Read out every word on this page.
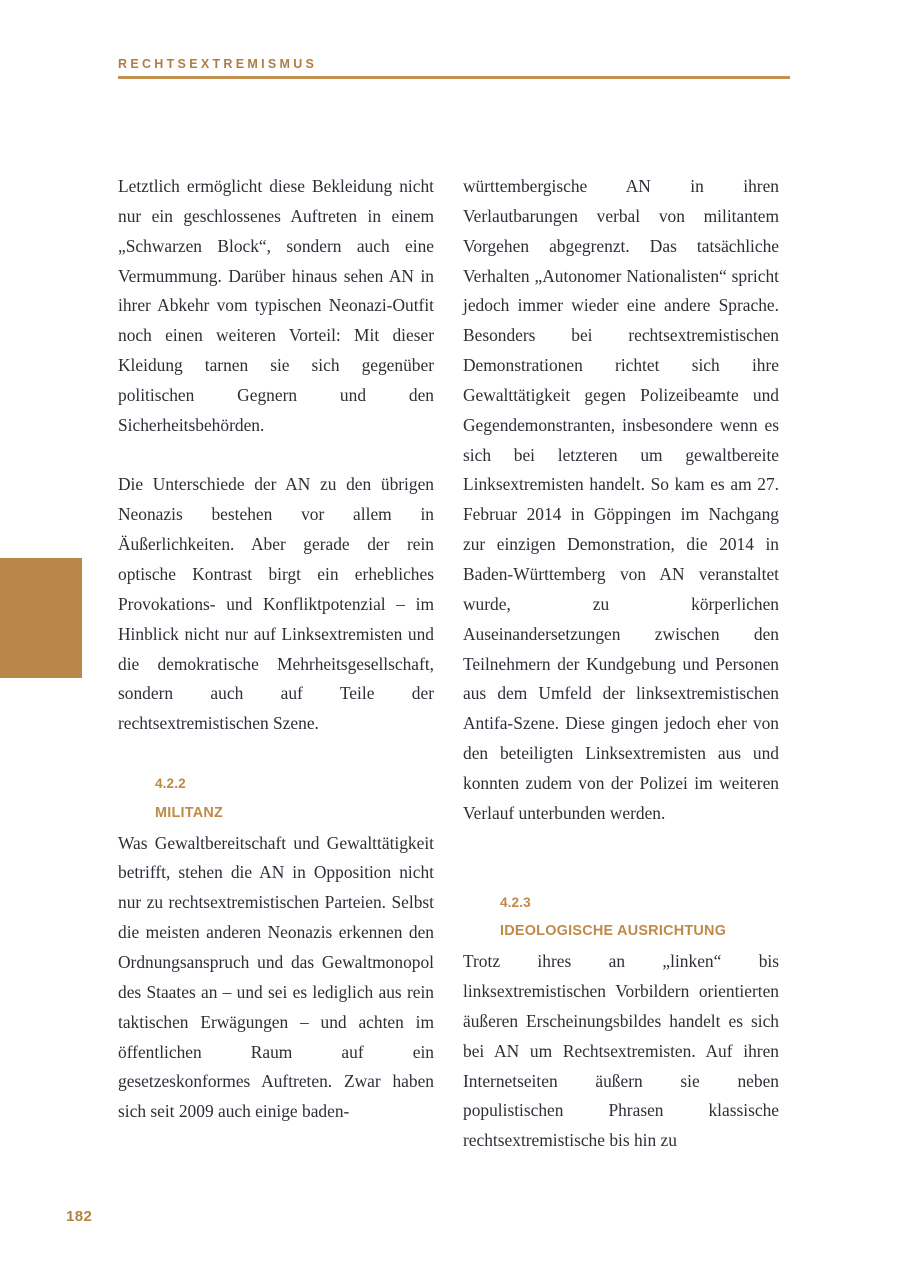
RECHTSEXTREMISMUS

Letztlich ermöglicht diese Bekleidung nicht nur ein geschlossenes Auftreten in einem „Schwarzen Block“, sondern auch eine Vermummung. Darüber hinaus sehen AN in ihrer Abkehr vom typischen Neonazi-Outfit noch einen weiteren Vorteil: Mit dieser Kleidung tarnen sie sich gegenüber politischen Gegnern und den Sicherheitsbehörden.

Die Unterschiede der AN zu den übrigen Neonazis bestehen vor allem in Äußerlichkeiten. Aber gerade der rein optische Kontrast birgt ein erhebliches Provokations- und Konfliktpotenzial – im Hinblick nicht nur auf Linksextremisten und die demokratische Mehrheitsgesellschaft, sondern auch auf Teile der rechtsextremistischen Szene.

4.2.2
MILITANZ

Was Gewaltbereitschaft und Gewalttätigkeit betrifft, stehen die AN in Opposition nicht nur zu rechtsextremistischen Parteien. Selbst die meisten anderen Neonazis erkennen den Ordnungsanspruch und das Gewaltmonopol des Staates an – und sei es lediglich aus rein taktischen Erwägungen – und achten im öffentlichen Raum auf ein gesetzeskonformes Auftreten. Zwar haben sich seit 2009 auch einige baden-

württembergische AN in ihren Verlautbarungen verbal von militantem Vorgehen abgegrenzt. Das tatsächliche Verhalten „Autonomer Nationalisten“ spricht jedoch immer wieder eine andere Sprache. Besonders bei rechtsextremistischen Demonstrationen richtet sich ihre Gewalttätigkeit gegen Polizeibeamte und Gegendemonstranten, insbesondere wenn es sich bei letzteren um gewaltbereite Linksextremisten handelt. So kam es am 27. Februar 2014 in Göppingen im Nachgang zur einzigen Demonstration, die 2014 in Baden-Württemberg von AN veranstaltet wurde, zu körperlichen Auseinandersetzungen zwischen den Teilnehmern der Kundgebung und Personen aus dem Umfeld der linksextremistischen Antifa-Szene. Diese gingen jedoch eher von den beteiligten Linksextremisten aus und konnten zudem von der Polizei im weiteren Verlauf unterbunden werden.

4.2.3
IDEOLOGISCHE AUSRICHTUNG

Trotz ihres an „linken“ bis linksextremistischen Vorbildern orientierten äußeren Erscheinungsbildes handelt es sich bei AN um Rechtsextremisten. Auf ihren Internetseiten äußern sie neben populistischen Phrasen klassische rechtsextremistische bis hin zu

182
